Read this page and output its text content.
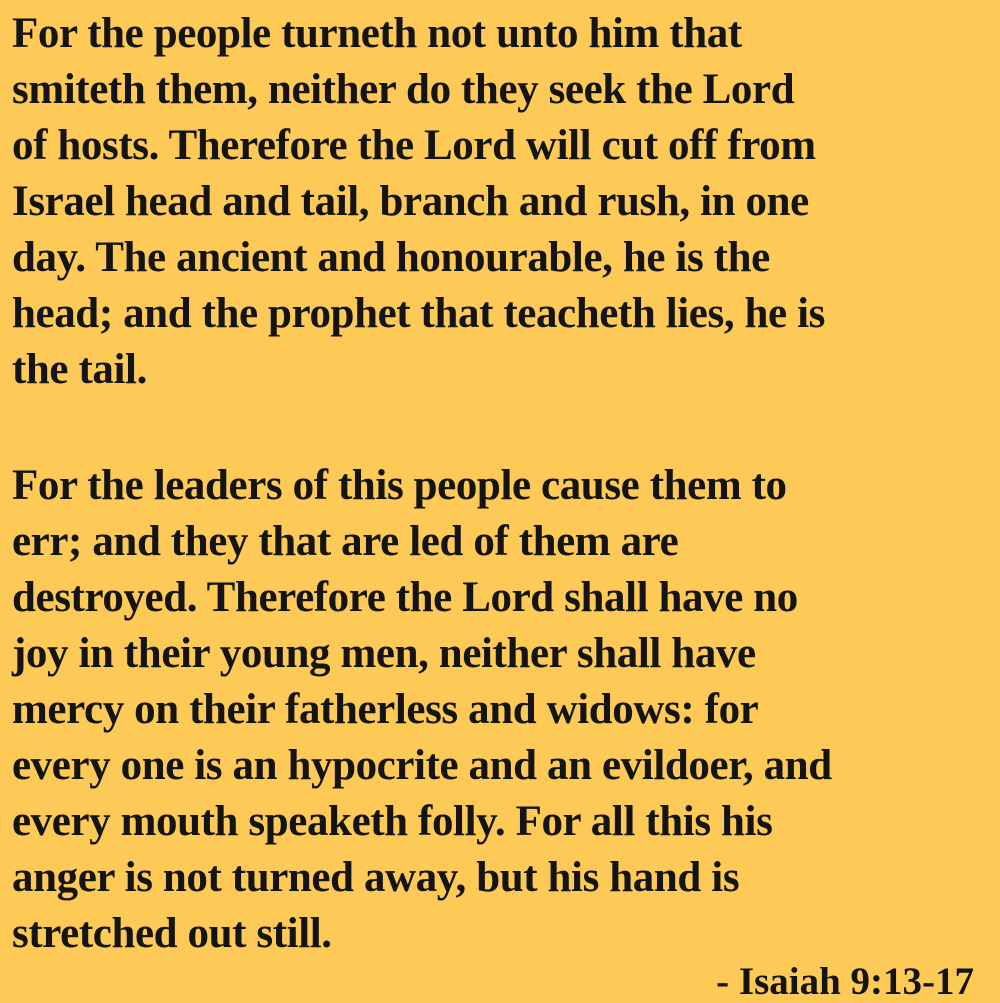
For the people turneth not unto him that
smiteth them, neither do they seek the Lord
of hosts. Therefore the Lord will cut off from
Israel head and tail, branch and rush, in one
day. The ancient and honourable, he is the
head; and the prophet that teacheth lies, he is
the tail.
For the leaders of this people cause them to
err; and they that are led of them are
destroyed. Therefore the Lord shall have no
joy in their young men, neither shall have
mercy on their fatherless and widows: for
every one is an hypocrite and an evildoer, and
every mouth speaketh folly. For all this his
anger is not turned away, but his hand is
stretched out still.
- Isaiah 9:13-17
